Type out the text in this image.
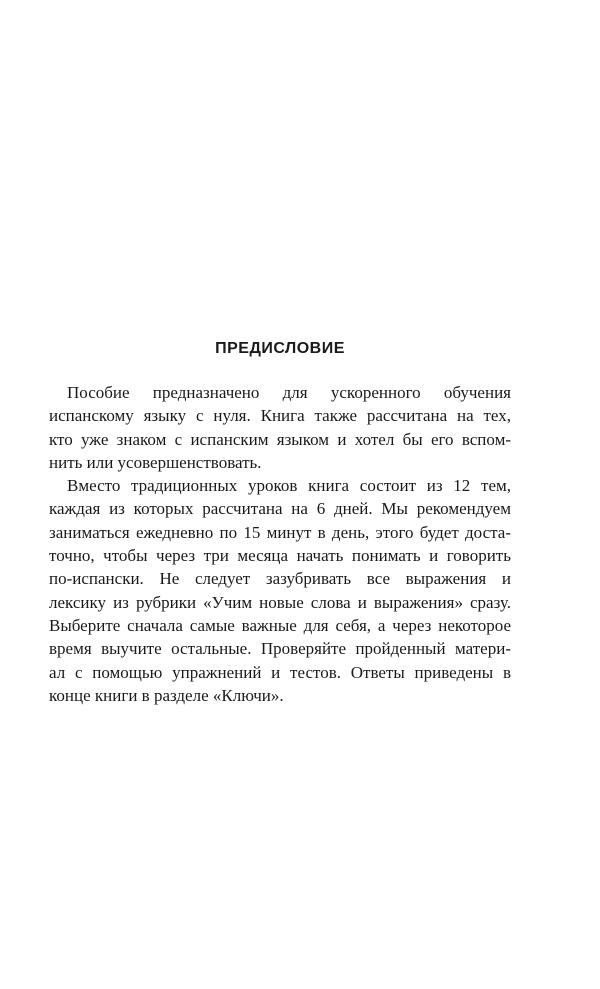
ПРЕДИСЛОВИЕ
Пособие предназначено для ускоренного обучения
испанскому языку с нуля. Книга также рассчитана на тех,
кто уже знаком с испанским языком и хотел бы его вспом-
нить или усовершенствовать.
Вместо традиционных уроков книга состоит из 12 тем,
каждая из которых рассчитана на 6 дней. Мы рекомендуем
заниматься ежедневно по 15 минут в день, этого будет доста-
точно, чтобы через три месяца начать понимать и говорить
по-испански. Не следует зазубривать все выражения и
лексику из рубрики «Учим новые слова и выражения» сразу.
Выберите сначала самые важные для себя, а через некоторое
время выучите остальные. Проверяйте пройденный матери-
ал с помощью упражнений и тестов. Ответы приведены в
конце книги в разделе «Ключи».
